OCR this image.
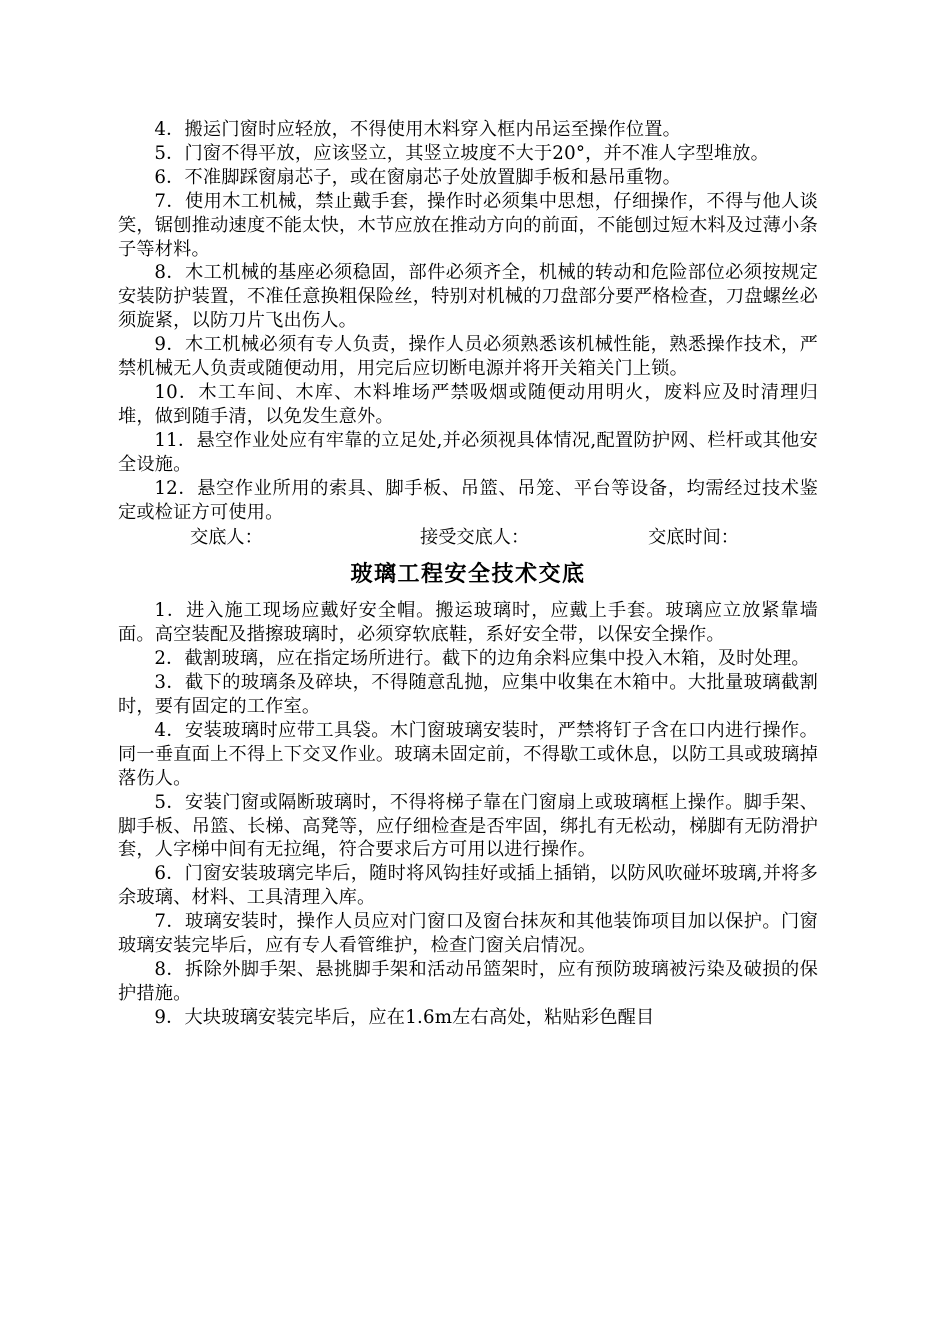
4．搬运门窗时应轻放，不得使用木料穿入框内吊运至操作位置。

5．门窗不得平放，应该竖立，其竖立坡度不大于20°，并不准人字型堆放。

6．不准脚踩窗扇芯子，或在窗扇芯子处放置脚手板和悬吊重物。

7．使用木工机械，禁止戴手套，操作时必须集中思想，仔细操作，不得与他人谈笑，锯刨推动速度不能太快，木节应放在推动方向的前面，不能刨过短木料及过薄小条子等材料。

8．木工机械的基座必须稳固，部件必须齐全，机械的转动和危险部位必须按规定安装防护装置，不准任意换粗保险丝，特别对机械的刀盘部分要严格检查，刀盘螺丝必须旋紧，以防刀片飞出伤人。

9．木工机械必须有专人负责，操作人员必须熟悉该机械性能，熟悉操作技术，严禁机械无人负责或随便动用，用完后应切断电源并将开关箱关门上锁。

10．木工车间、木库、木料堆场严禁吸烟或随便动用明火，废料应及时清理归堆，做到随手清，以免发生意外。

11．悬空作业处应有牢靠的立足处,并必须视具体情况,配置防护网、栏杆或其他安全设施。

12．悬空作业所用的索具、脚手板、吊篮、吊笼、平台等设备，均需经过技术鉴定或检证方可使用。

交底人：	接受交底人：	交底时间：
玻璃工程安全技术交底

1．进入施工现场应戴好安全帽。搬运玻璃时，应戴上手套。玻璃应立放紧靠墙面。高空装配及揩擦玻璃时，必须穿软底鞋，系好安全带，以保安全操作。

2．截割玻璃，应在指定场所进行。截下的边角余料应集中投入木箱，及时处理。

3．截下的玻璃条及碎块，不得随意乱抛，应集中收集在木箱中。大批量玻璃截割时，要有固定的工作室。

4．安装玻璃时应带工具袋。木门窗玻璃安装时，严禁将钉子含在口内进行操作。同一垂直面上不得上下交叉作业。玻璃未固定前，不得歇工或休息，以防工具或玻璃掉落伤人。

5．安装门窗或隔断玻璃时，不得将梯子靠在门窗扇上或玻璃框上操作。脚手架、脚手板、吊篮、长梯、高凳等，应仔细检查是否牢固，绑扎有无松动，梯脚有无防滑护套，人字梯中间有无拉绳，符合要求后方可用以进行操作。

6．门窗安装玻璃完毕后，随时将风钩挂好或插上插销，以防风吹碰坏玻璃,并将多余玻璃、材料、工具清理入库。

7．玻璃安装时，操作人员应对门窗口及窗台抹灰和其他装饰项目加以保护。门窗玻璃安装完毕后，应有专人看管维护，检查门窗关启情况。

8．拆除外脚手架、悬挑脚手架和活动吊篮架时，应有预防玻璃被污染及破损的保护措施。

9．大块玻璃安装完毕后，应在1.6m左右高处，粘贴彩色醒目
